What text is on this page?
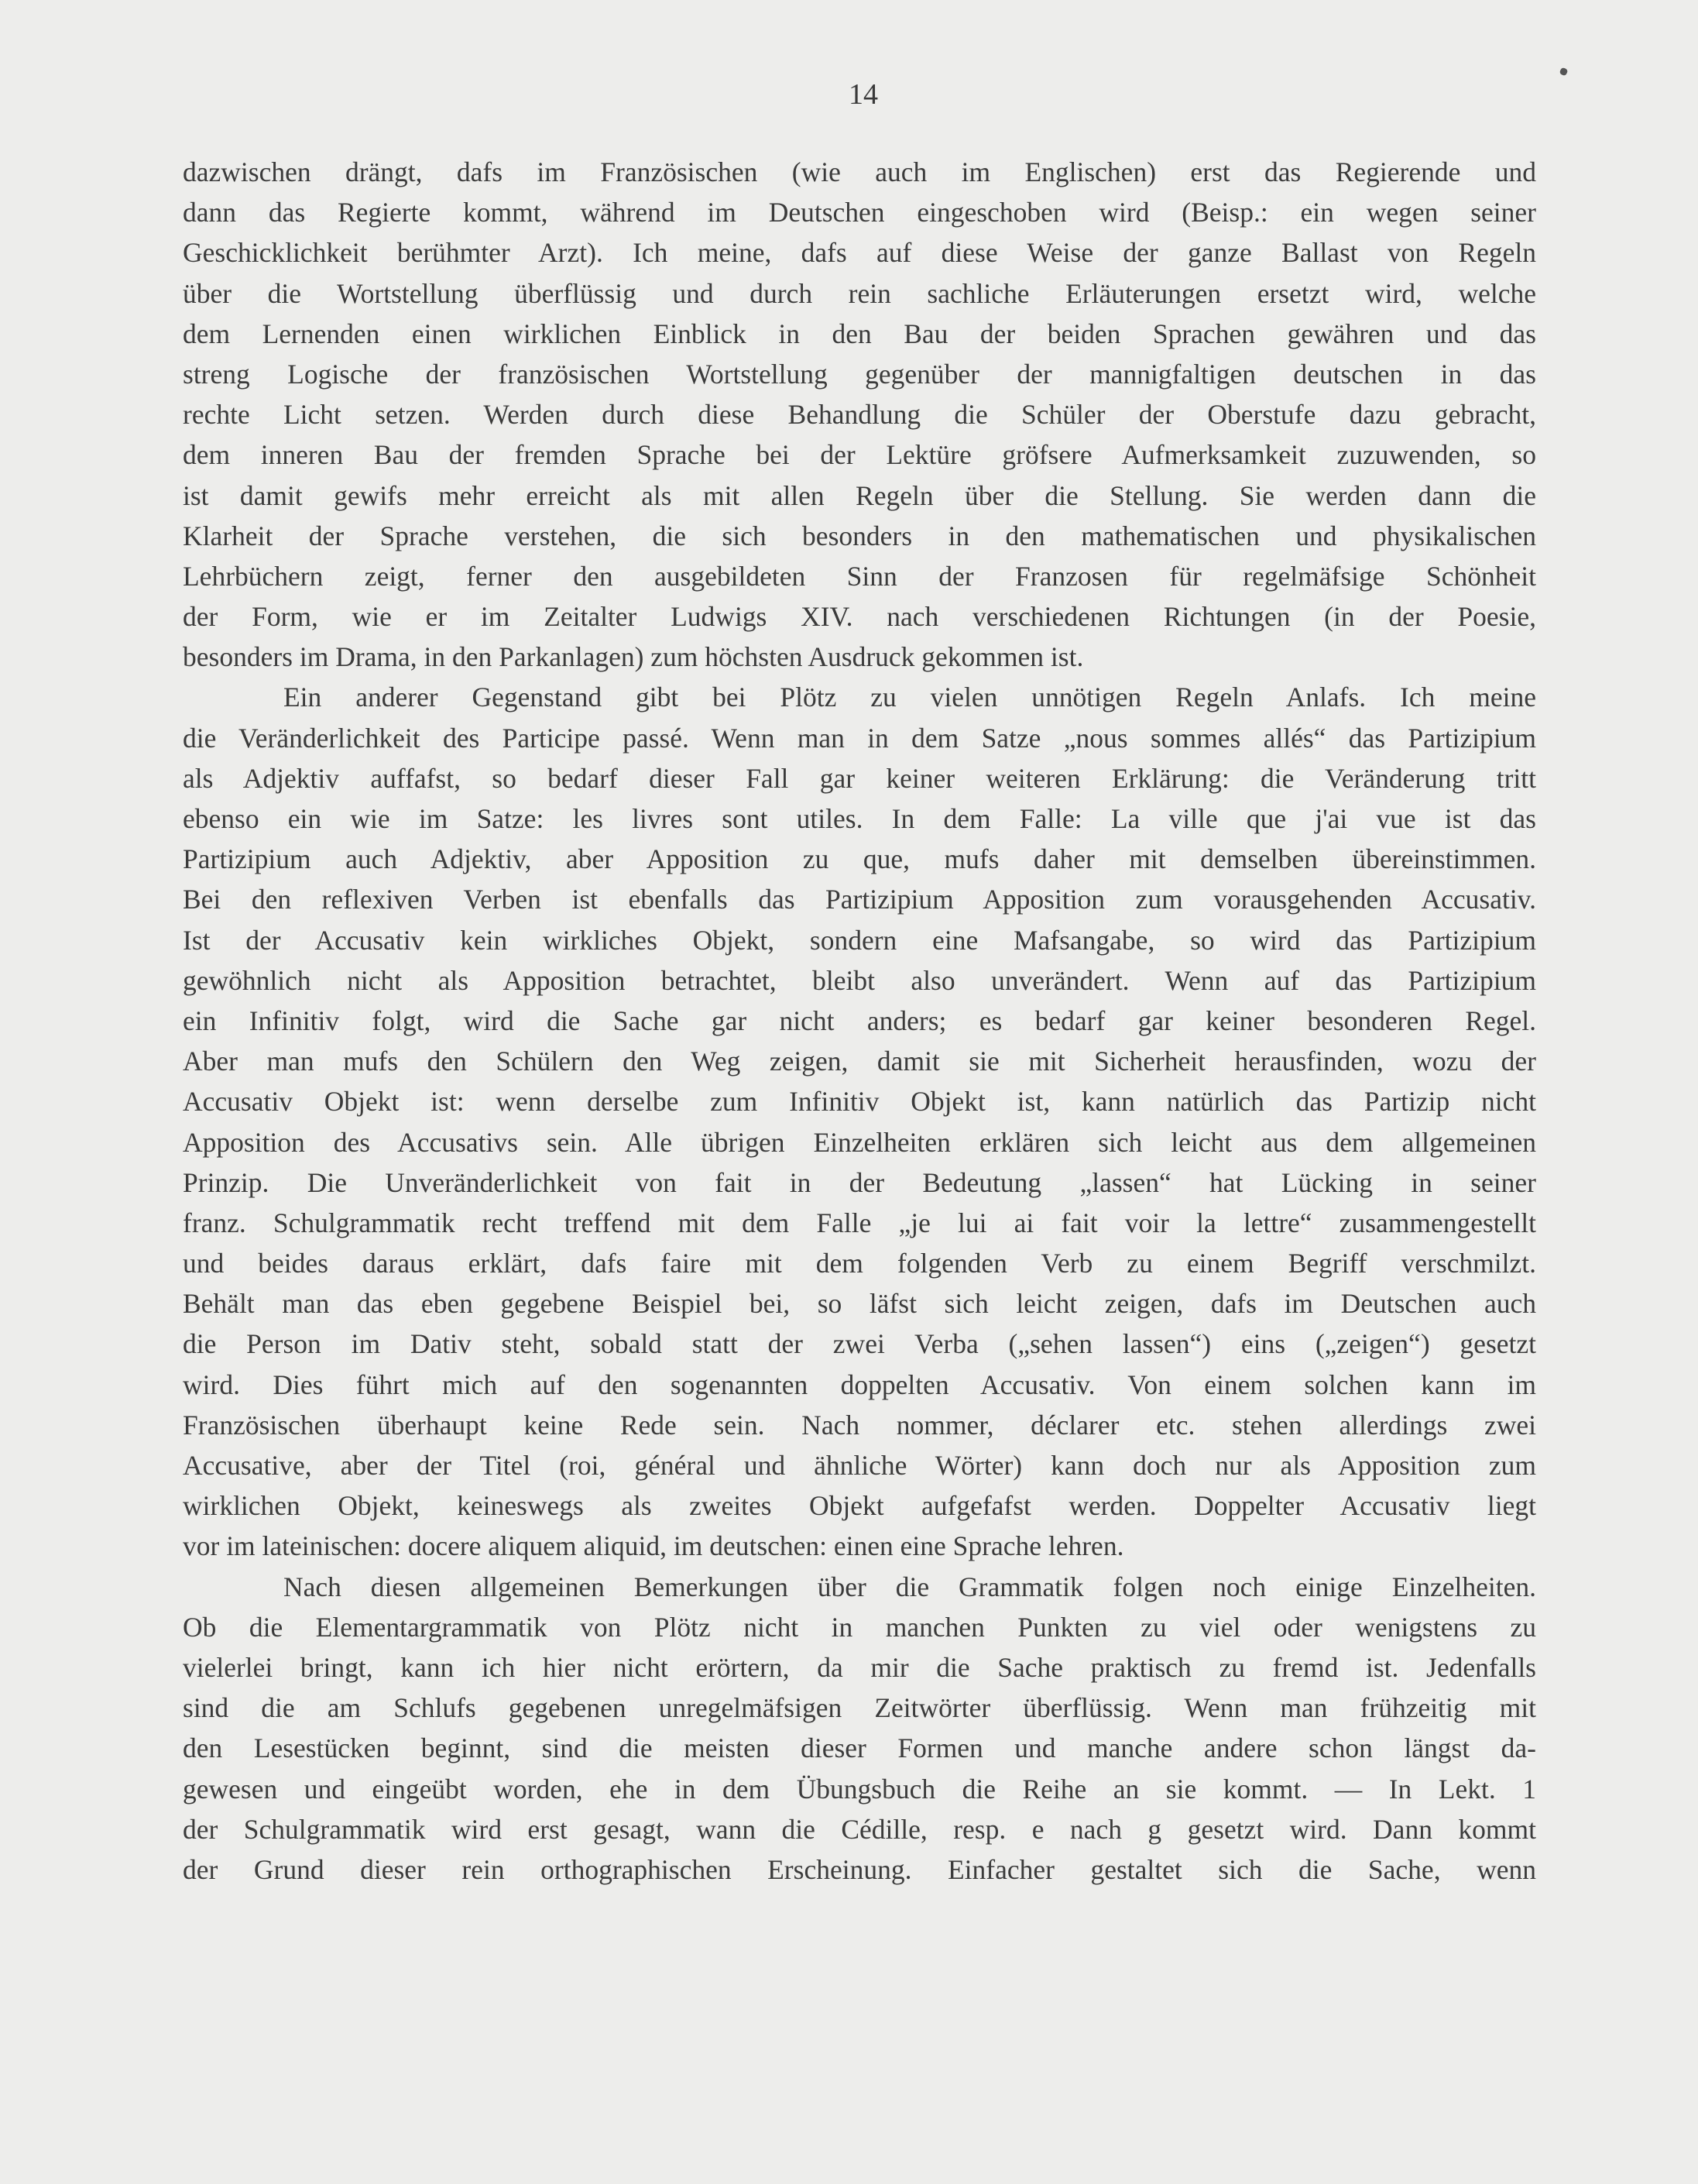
14
dazwischen drängt, dafs im Französischen (wie auch im Englischen) erst das Regierende und
dann das Regierte kommt, während im Deutschen eingeschoben wird (Beisp.: ein wegen seiner
Geschicklichkeit berühmter Arzt). Ich meine, dafs auf diese Weise der ganze Ballast von Regeln
über die Wortstellung überflüssig und durch rein sachliche Erläuterungen ersetzt wird, welche
dem Lernenden einen wirklichen Einblick in den Bau der beiden Sprachen gewähren und das
streng Logische der französischen Wortstellung gegenüber der mannigfaltigen deutschen in das
rechte Licht setzen. Werden durch diese Behandlung die Schüler der Oberstufe dazu gebracht,
dem inneren Bau der fremden Sprache bei der Lektüre gröfsere Aufmerksamkeit zuzuwenden, so
ist damit gewifs mehr erreicht als mit allen Regeln über die Stellung. Sie werden dann die
Klarheit der Sprache verstehen, die sich besonders in den mathematischen und physikalischen
Lehrbüchern zeigt, ferner den ausgebildeten Sinn der Franzosen für regelmäfsige Schönheit
der Form, wie er im Zeitalter Ludwigs XIV. nach verschiedenen Richtungen (in der Poesie,
besonders im Drama, in den Parkanlagen) zum höchsten Ausdruck gekommen ist.
Ein anderer Gegenstand gibt bei Plötz zu vielen unnötigen Regeln Anlafs. Ich meine
die Veränderlichkeit des Participe passé. Wenn man in dem Satze „nous sommes allés“ das Partizipium
als Adjektiv auffafst, so bedarf dieser Fall gar keiner weiteren Erklärung: die Veränderung tritt
ebenso ein wie im Satze: les livres sont utiles. In dem Falle: La ville que j'ai vue ist das
Partizipium auch Adjektiv, aber Apposition zu que, mufs daher mit demselben übereinstimmen.
Bei den reflexiven Verben ist ebenfalls das Partizipium Apposition zum vorausgehenden Accusativ.
Ist der Accusativ kein wirkliches Objekt, sondern eine Mafsangabe, so wird das Partizipium
gewöhnlich nicht als Apposition betrachtet, bleibt also unverändert. Wenn auf das Partizipium
ein Infinitiv folgt, wird die Sache gar nicht anders; es bedarf gar keiner besonderen Regel.
Aber man mufs den Schülern den Weg zeigen, damit sie mit Sicherheit herausfinden, wozu der
Accusativ Objekt ist: wenn derselbe zum Infinitiv Objekt ist, kann natürlich das Partizip nicht
Apposition des Accusativs sein. Alle übrigen Einzelheiten erklären sich leicht aus dem allgemeinen
Prinzip. Die Unveränderlichkeit von fait in der Bedeutung „lassen“ hat Lücking in seiner
franz. Schulgrammatik recht treffend mit dem Falle „je lui ai fait voir la lettre“ zusammengestellt
und beides daraus erklärt, dafs faire mit dem folgenden Verb zu einem Begriff verschmilzt.
Behält man das eben gegebene Beispiel bei, so läfst sich leicht zeigen, dafs im Deutschen auch
die Person im Dativ steht, sobald statt der zwei Verba („sehen lassen“) eins („zeigen“) gesetzt
wird. Dies führt mich auf den sogenannten doppelten Accusativ. Von einem solchen kann im
Französischen überhaupt keine Rede sein. Nach nommer, déclarer etc. stehen allerdings zwei
Accusative, aber der Titel (roi, général und ähnliche Wörter) kann doch nur als Apposition zum
wirklichen Objekt, keineswegs als zweites Objekt aufgefafst werden. Doppelter Accusativ liegt
vor im lateinischen: docere aliquem aliquid, im deutschen: einen eine Sprache lehren.
Nach diesen allgemeinen Bemerkungen über die Grammatik folgen noch einige Einzelheiten.
Ob die Elementargrammatik von Plötz nicht in manchen Punkten zu viel oder wenigstens zu
vielerlei bringt, kann ich hier nicht erörtern, da mir die Sache praktisch zu fremd ist. Jedenfalls
sind die am Schlufs gegebenen unregelmäfsigen Zeitwörter überflüssig. Wenn man frühzeitig mit
den Lesestücken beginnt, sind die meisten dieser Formen und manche andere schon längst da-
gewesen und eingeübt worden, ehe in dem Übungsbuch die Reihe an sie kommt. — In Lekt. 1
der Schulgrammatik wird erst gesagt, wann die Cédille, resp. e nach g gesetzt wird. Dann kommt
der Grund dieser rein orthographischen Erscheinung. Einfacher gestaltet sich die Sache, wenn
